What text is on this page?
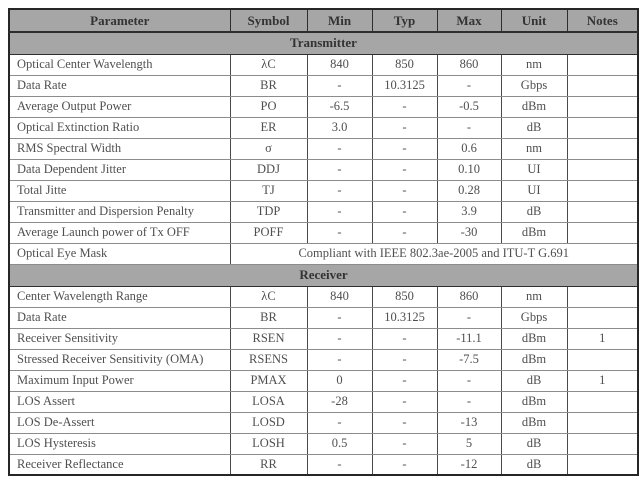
Parameter	Symbol	Min	Typ	Max	Unit	Notes
Transmitter						
Optical Center Wavelength	λC	840	850	860	nm	
Data Rate	BR	-	10.3125	-	Gbps	
Average Output Power	PO	-6.5	-	-0.5	dBm	
Optical Extinction Ratio	ER	3.0	-	-	dB	
RMS Spectral Width	σ	-	-	0.6	nm	
Data Dependent Jitter	DDJ	-	-	0.10	UI	
Total Jitte	TJ	-	-	0.28	UI	
Transmitter and Dispersion Penalty	TDP	-	-	3.9	dB	
Average Launch power of Tx OFF	POFF	-	-	-30	dBm	
Optical Eye Mask	Compliant with IEEE 802.3ae-2005 and ITU-T G.691					
Receiver						
Center Wavelength Range	λC	840	850	860	nm	
Data Rate	BR	-	10.3125	-	Gbps	
Receiver Sensitivity	RSEN	-	-	-11.1	dBm	1
Stressed Receiver Sensitivity (OMA)	RSENS	-	-	-7.5	dBm	
Maximum Input Power	PMAX	0	-	-	dB	1
LOS Assert	LOSA	-28	-	-	dBm	
LOS De-Assert	LOSD	-	-	-13	dBm	
LOS Hysteresis	LOSH	0.5	-	5	dB	
Receiver Reflectance	RR	-	-	-12	dB	
